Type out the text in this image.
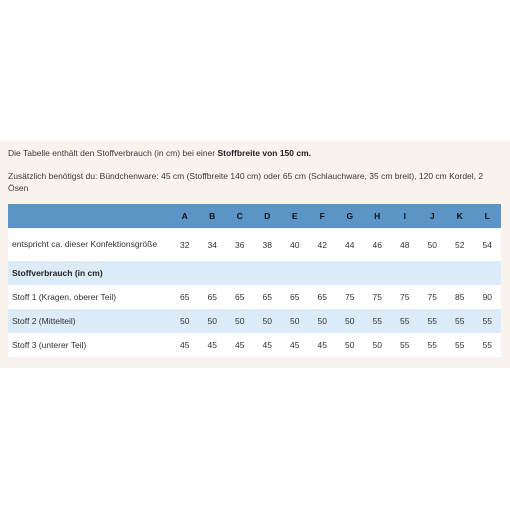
Die Tabelle enthält den Stoffverbrauch (in cm) bei einer Stoffbreite von 150 cm.
Zusätzlich benötigst du: Bündchenware: 45 cm (Stoffbreite 140 cm) oder 65 cm (Schlauchware, 35 cm breit), 120 cm Kordel, 2 Ösen
	A	B	C	D	E	F	G	H	I	J	K	L
entspricht ca. dieser Konfektionsgröße	32	34	36	38	40	42	44	46	48	50	52	54
Stoffverbrauch (in cm)												
Stoff 1 (Kragen, oberer Teil)	65	65	65	65	65	65	75	75	75	75	85	90
Stoff 2 (Mittelteil)	50	50	50	50	50	50	50	55	55	55	55	55
Stoff 3 (unterer Teil)	45	45	45	45	45	45	50	50	55	55	55	55
